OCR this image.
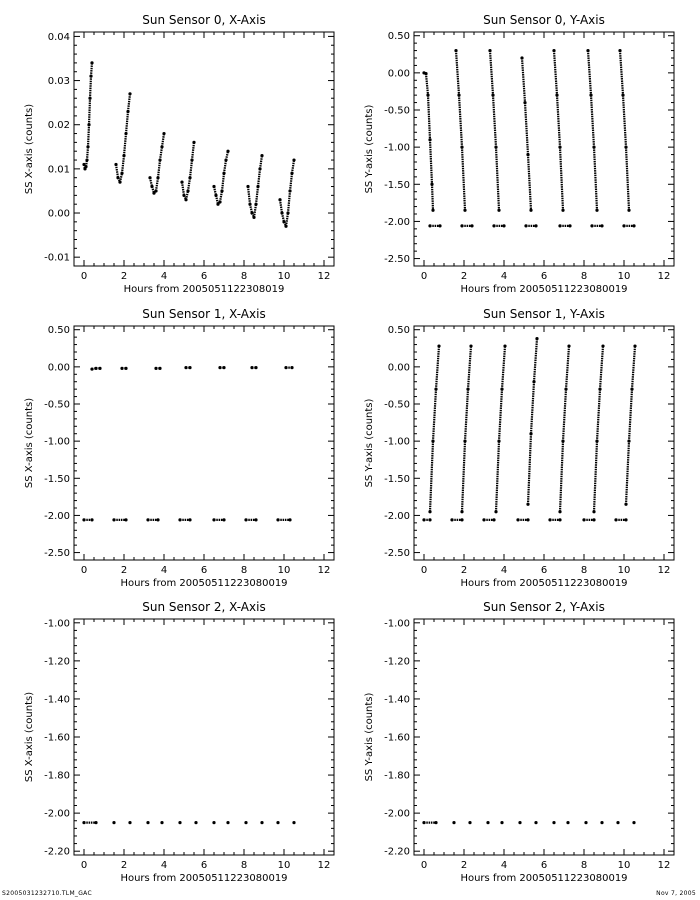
Sun Sensor 0, X-Axis
Hours from 2005051122308019
SS X-axis (counts)
0	2	4	6	8	10	12
-0.01
0.00
0.01
0.02
0.03
0.04
Sun Sensor 0, Y-Axis
Hours from 20050511223080019
SS Y-axis (counts)
0	2	4	6	8	10	12
-2.50
-2.00
-1.50
-1.00
-0.50
0.00
0.50
Sun Sensor 1, X-Axis
Hours from 20050511223080019
SS X-axis (counts)
0	2	4	6	8	10	12
-2.50
-2.00
-1.50
-1.00
-0.50
0.00
0.50
Sun Sensor 1, Y-Axis
Hours from 20050511223080019
SS Y-axis (counts)
0	2	4	6	8	10	12
-2.50
-2.00
-1.50
-1.00
-0.50
0.00
0.50
Sun Sensor 2, X-Axis
Hours from 20050511223080019
SS X-axis (counts)
0	2	4	6	8	10	12
-2.20
-2.00
-1.80
-1.60
-1.40
-1.20
-1.00
Sun Sensor 2, Y-Axis
Hours from 20050511223080019
SS Y-axis (counts)
0	2	4	6	8	10	12
-2.20
-2.00
-1.80
-1.60
-1.40
-1.20
-1.00
S2005031232710.TLM_GAC	Nov 7, 2005
